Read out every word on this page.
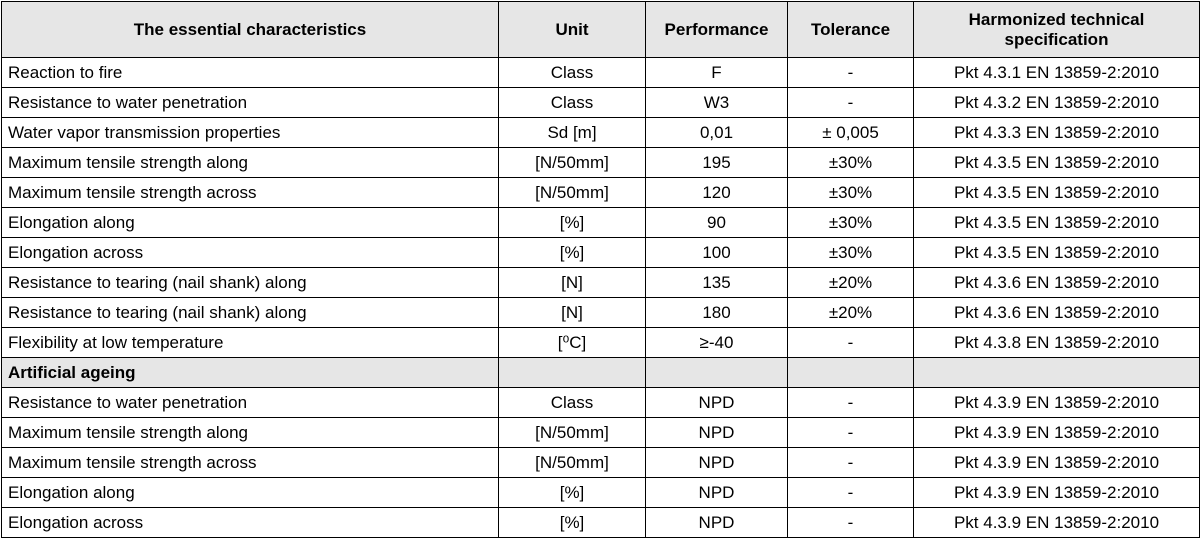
The essential characteristics	Unit	Performance	Tolerance	Harmonized technical specification
Reaction to fire	Class	F	-	Pkt 4.3.1 EN 13859-2:2010
Resistance to water penetration	Class	W3	-	Pkt 4.3.2 EN 13859-2:2010
Water vapor transmission properties	Sd [m]	0,01	± 0,005	Pkt 4.3.3 EN 13859-2:2010
Maximum tensile strength along	[N/50mm]	195	±30%	Pkt 4.3.5 EN 13859-2:2010
Maximum tensile strength across	[N/50mm]	120	±30%	Pkt 4.3.5 EN 13859-2:2010
Elongation along	[%]	90	±30%	Pkt 4.3.5 EN 13859-2:2010
Elongation across	[%]	100	±30%	Pkt 4.3.5 EN 13859-2:2010
Resistance to tearing (nail shank) along	[N]	135	±20%	Pkt 4.3.6 EN 13859-2:2010
Resistance to tearing (nail shank) along	[N]	180	±20%	Pkt 4.3.6 EN 13859-2:2010
Flexibility at low temperature	[⁰C]	≥-40	-	Pkt 4.3.8 EN 13859-2:2010
Artificial ageing				
Resistance to water penetration	Class	NPD	-	Pkt 4.3.9 EN 13859-2:2010
Maximum tensile strength along	[N/50mm]	NPD	-	Pkt 4.3.9 EN 13859-2:2010
Maximum tensile strength across	[N/50mm]	NPD	-	Pkt 4.3.9 EN 13859-2:2010
Elongation along	[%]	NPD	-	Pkt 4.3.9 EN 13859-2:2010
Elongation across	[%]	NPD	-	Pkt 4.3.9 EN 13859-2:2010
